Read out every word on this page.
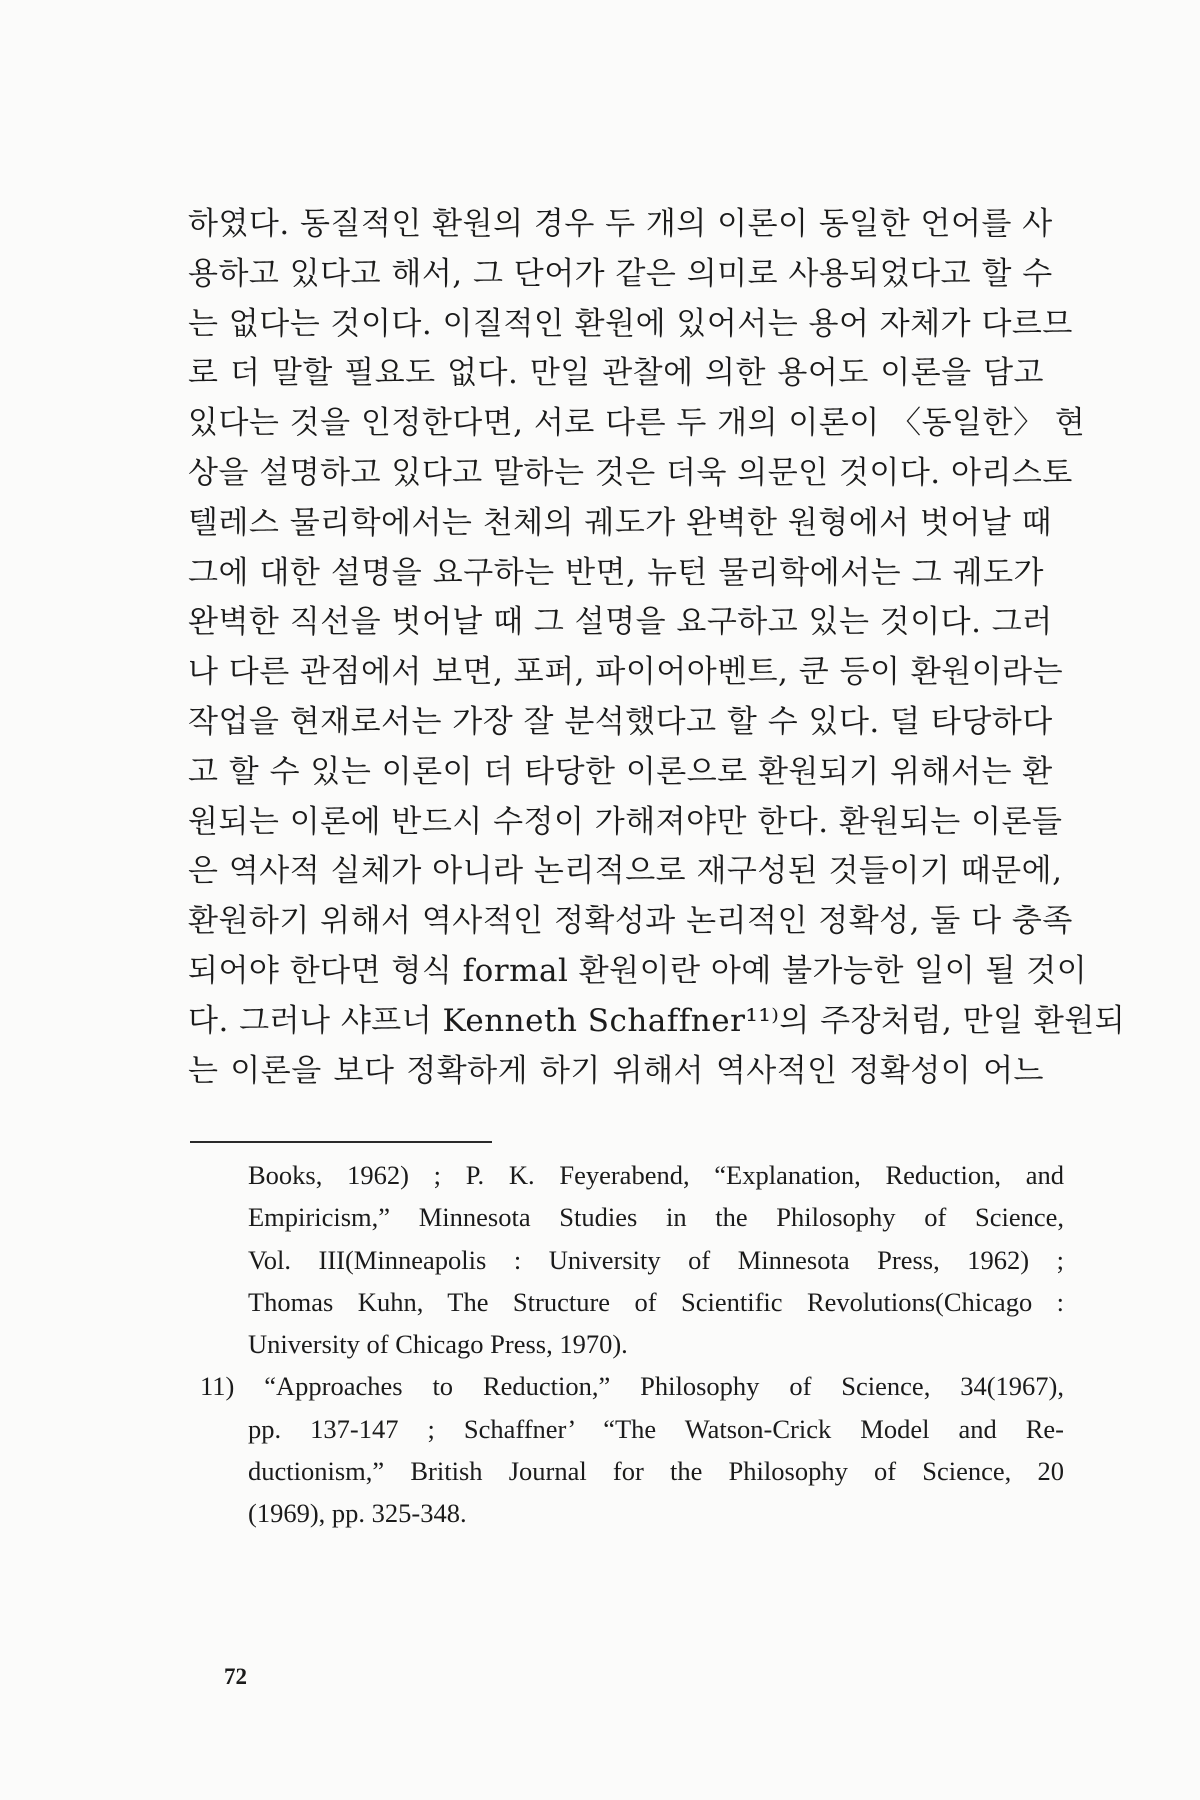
하였다. 동질적인 환원의 경우 두 개의 이론이 동일한 언어를 사
용하고 있다고 해서, 그 단어가 같은 의미로 사용되었다고 할 수
는 없다는 것이다. 이질적인 환원에 있어서는 용어 자체가 다르므
로 더 말할 필요도 없다. 만일 관찰에 의한 용어도 이론을 담고
있다는 것을 인정한다면, 서로 다른 두 개의 이론이 〈동일한〉 현
상을 설명하고 있다고 말하는 것은 더욱 의문인 것이다. 아리스토
텔레스 물리학에서는 천체의 궤도가 완벽한 원형에서 벗어날 때
그에 대한 설명을 요구하는 반면, 뉴턴 물리학에서는 그 궤도가
완벽한 직선을 벗어날 때 그 설명을 요구하고 있는 것이다. 그러
나 다른 관점에서 보면, 포퍼, 파이어아벤트, 쿤 등이 환원이라는
작업을 현재로서는 가장 잘 분석했다고 할 수 있다. 덜 타당하다
고 할 수 있는 이론이 더 타당한 이론으로 환원되기 위해서는 환
원되는 이론에 반드시 수정이 가해져야만 한다. 환원되는 이론들
은 역사적 실체가 아니라 논리적으로 재구성된 것들이기 때문에,
환원하기 위해서 역사적인 정확성과 논리적인 정확성, 둘 다 충족
되어야 한다면 형식 formal 환원이란 아예 불가능한 일이 될 것이
다. 그러나 샤프너 Kenneth Schaffner¹¹⁾의 주장처럼, 만일 환원되
는 이론을 보다 정확하게 하기 위해서 역사적인 정확성이 어느
Books, 1962) ; P. K. Feyerabend, “Explanation, Reduction, and
Empiricism,” Minnesota Studies in the Philosophy of Science,
Vol. III(Minneapolis : University of Minnesota Press, 1962) ;
Thomas Kuhn, The Structure of Scientific Revolutions(Chicago :
University of Chicago Press, 1970).
11) “Approaches to Reduction,” Philosophy of Science, 34(1967),
pp. 137-147 ; Schaffner’ “The Watson-Crick Model and Re-
ductionism,” British Journal for the Philosophy of Science, 20
(1969), pp. 325-348.
72
